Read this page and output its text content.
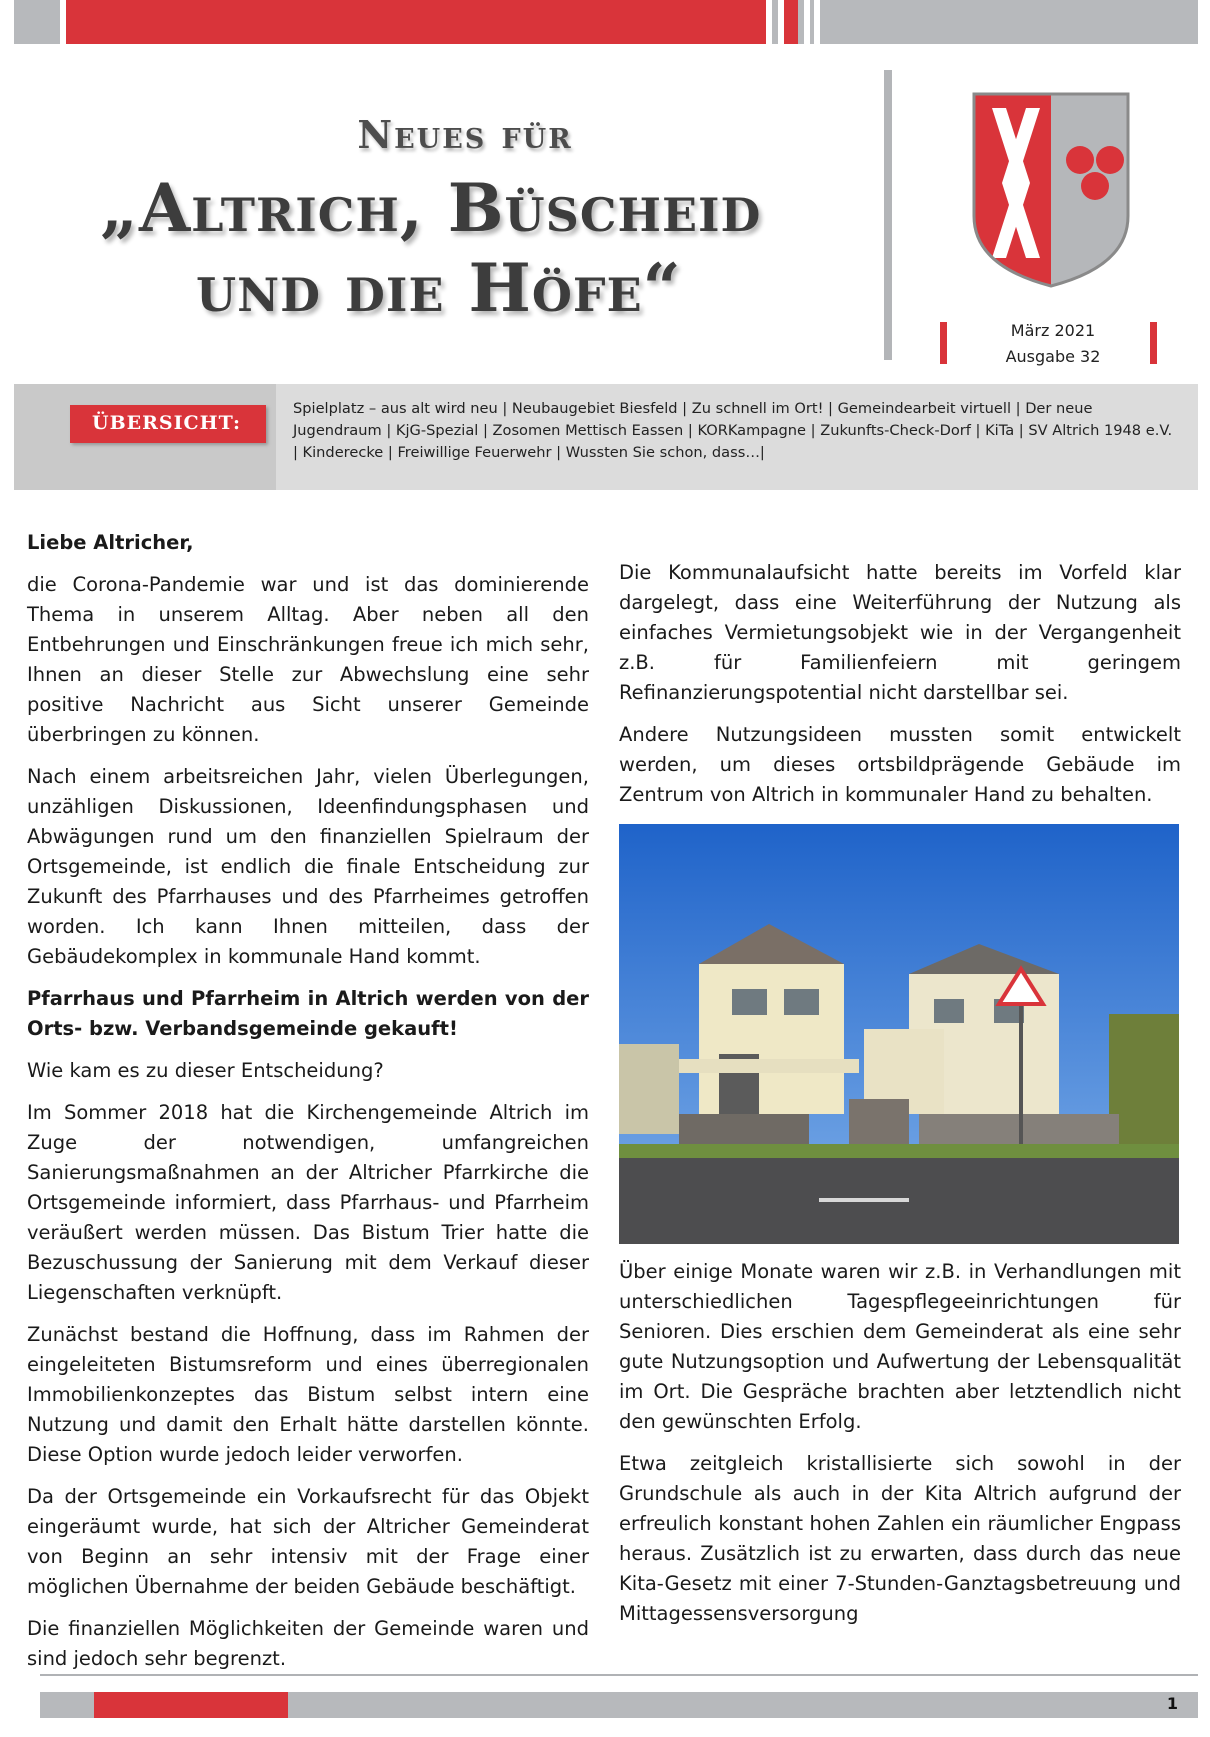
Neues für
„Altrich, Büscheid
und die Höfe“
März 2021
Ausgabe 32
ÜBERSICHT:
Spielplatz – aus alt wird neu | Neubaugebiet Biesfeld | Zu schnell im Ort! | Gemeindearbeit virtuell | Der neue Jugendraum | KjG-Spezial | Zosomen Mettisch Eassen | KORKampagne | Zukunfts-Check-Dorf | KiTa | SV Altrich 1948 e.V. | Kinderecke | Freiwillige Feuerwehr | Wussten Sie schon, dass…|

Liebe Altricher,

die Corona-Pandemie war und ist das dominierende Thema in unserem Alltag. Aber neben all den Entbehrungen und Einschränkungen freue ich mich sehr, Ihnen an dieser Stelle zur Abwechslung eine sehr positive Nachricht aus Sicht unserer Gemeinde überbringen zu können.

Nach einem arbeitsreichen Jahr, vielen Überlegungen, unzähligen Diskussionen, Ideenfindungsphasen und Abwägungen rund um den finanziellen Spielraum der Ortsgemeinde, ist endlich die finale Entscheidung zur Zukunft des Pfarrhauses und des Pfarrheimes getroffen worden. Ich kann Ihnen mitteilen, dass der Gebäudekomplex in kommunale Hand kommt.

Pfarrhaus und Pfarrheim in Altrich werden von der Orts- bzw. Verbandsgemeinde gekauft!

Wie kam es zu dieser Entscheidung?

Im Sommer 2018 hat die Kirchengemeinde Altrich im Zuge der notwendigen, umfangreichen Sanierungsmaßnahmen an der Altricher Pfarrkirche die Ortsgemeinde informiert, dass Pfarrhaus- und Pfarrheim veräußert werden müssen. Das Bistum Trier hatte die Bezuschussung der Sanierung mit dem Verkauf dieser Liegenschaften verknüpft.

Zunächst bestand die Hoffnung, dass im Rahmen der eingeleiteten Bistumsreform und eines überregionalen Immobilienkonzeptes das Bistum selbst intern eine Nutzung und damit den Erhalt hätte darstellen könnte. Diese Option wurde jedoch leider verworfen.

Da der Ortsgemeinde ein Vorkaufsrecht für das Objekt eingeräumt wurde, hat sich der Altricher Gemeinderat von Beginn an sehr intensiv mit der Frage einer möglichen Übernahme der beiden Gebäude beschäftigt.

Die finanziellen Möglichkeiten der Gemeinde waren und sind jedoch sehr begrenzt.

Die Kommunalaufsicht hatte bereits im Vorfeld klar dargelegt, dass eine Weiterführung der Nutzung als einfaches Vermietungsobjekt wie in der Vergangenheit z.B. für Familienfeiern mit geringem Refinanzierungspotential nicht darstellbar sei.

Andere Nutzungsideen mussten somit entwickelt werden, um dieses ortsbildprägende Gebäude im Zentrum von Altrich in kommunaler Hand zu behalten.

Über einige Monate waren wir z.B. in Verhandlungen mit unterschiedlichen Tagespflegeeinrichtungen für Senioren. Dies erschien dem Gemeinderat als eine sehr gute Nutzungsoption und Aufwertung der Lebensqualität im Ort. Die Gespräche brachten aber letztendlich nicht den gewünschten Erfolg.

Etwa zeitgleich kristallisierte sich sowohl in der Grundschule als auch in der Kita Altrich aufgrund der erfreulich konstant hohen Zahlen ein räumlicher Engpass heraus. Zusätzlich ist zu erwarten, dass durch das neue Kita-Gesetz mit einer 7-Stunden-Ganztagsbetreuung und Mittagessensversorgung

1
